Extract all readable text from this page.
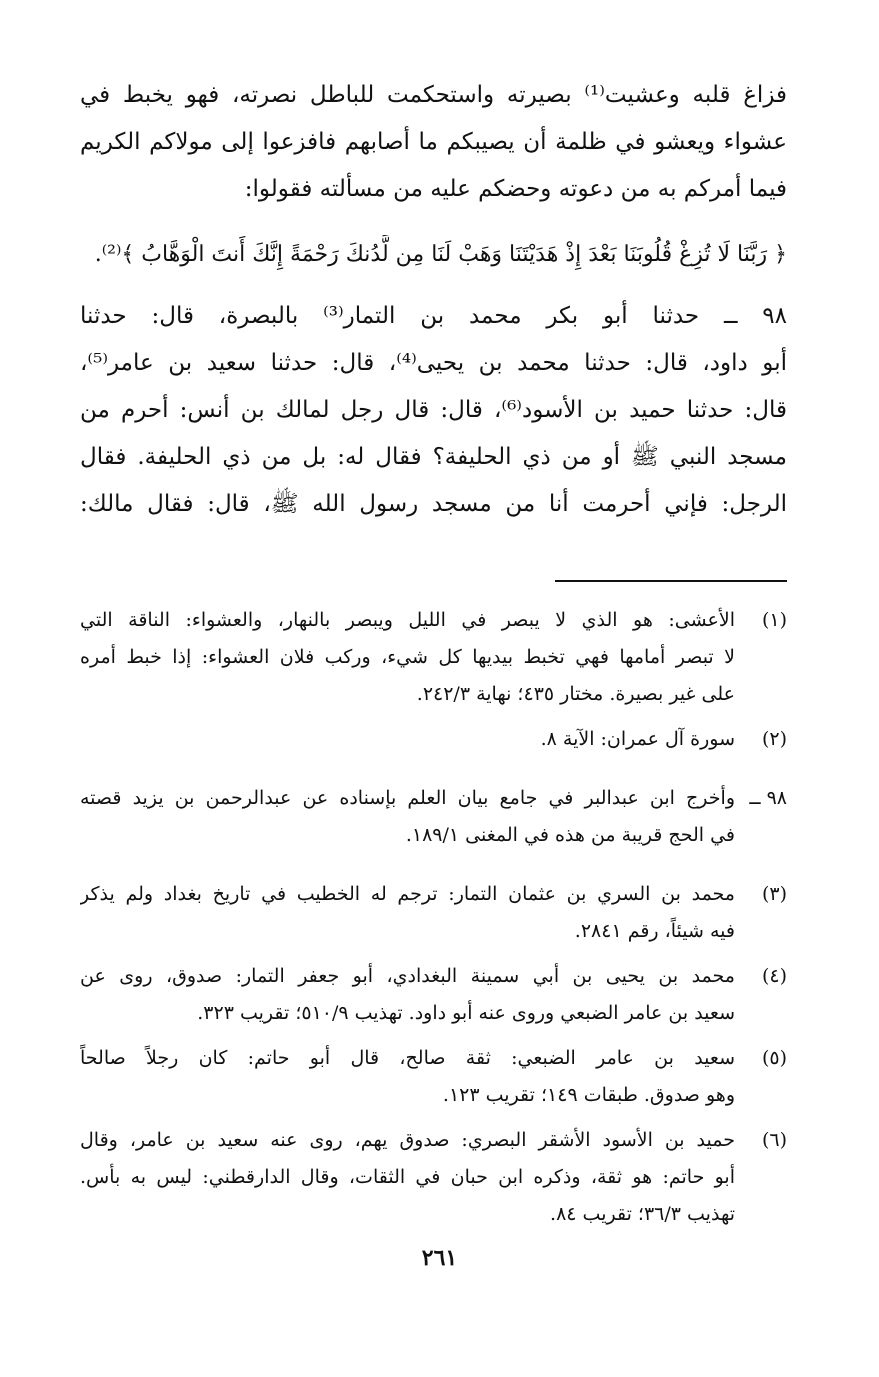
فزاغ قلبه وعشيت⁽¹⁾ بصيرته واستحكمت للباطل نصرته، فهو يخبط في
عشواء ويعشو في ظلمة أن يصيبكم ما أصابهم فافزعوا إلى مولاكم الكريم
فيما أمركم به من دعوته وحضكم عليه من مسألته فقولوا:
﴿ رَبَّنَا لَا تُزِغْ قُلُوبَنَا بَعْدَ إِذْ هَدَيْتَنَا وَهَبْ لَنَا مِن لَّدُنكَ رَحْمَةً إِنَّكَ أَنتَ الْوَهَّابُ ﴾⁽²⁾.
٩٨ ــ حدثنا أبو بكر محمد بن التمار⁽³⁾ بالبصرة، قال: حدثنا
أبو داود، قال: حدثنا محمد بن يحيى⁽⁴⁾، قال: حدثنا سعيد بن عامر⁽⁵⁾،
قال: حدثنا حميد بن الأسود⁽⁶⁾، قال: قال رجل لمالك بن أنس: أحرم من
مسجد النبي ﷺ أو من ذي الحليفة؟ فقال له: بل من ذي الحليفة. فقال
الرجل: فإني أحرمت أنا من مسجد رسول الله ﷺ، قال: فقال مالك:
(١)
الأعشى: هو الذي لا يبصر في الليل ويبصر بالنهار، والعشواء: الناقة التي
لا تبصر أمامها فهي تخبط بيديها كل شيء، وركب فلان العشواء: إذا خبط أمره
على غير بصيرة. مختار ٤٣٥؛ نهاية ٢٤٢/٣.
(٢)
سورة آل عمران: الآية ٨.
٩٨ ــ
وأخرج ابن عبدالبر في جامع بيان العلم بإسناده عن عبدالرحمن بن يزيد قصته
في الحج قريبة من هذه في المغنى ١٨٩/١.
(٣)
محمد بن السري بن عثمان التمار: ترجم له الخطيب في تاريخ بغداد ولم يذكر
فيه شيئاً، رقم ٢٨٤١.
(٤)
محمد بن يحيى بن أبي سمينة البغدادي، أبو جعفر التمار: صدوق، روى عن
سعيد بن عامر الضبعي وروى عنه أبو داود. تهذيب ٥١٠/٩؛ تقريب ٣٢٣.
(٥)
سعيد بن عامر الضبعي: ثقة صالح، قال أبو حاتم: كان رجلاً صالحاً
وهو صدوق. طبقات ١٤٩؛ تقريب ١٢٣.
(٦)
حميد بن الأسود الأشقر البصري: صدوق يهم، روى عنه سعيد بن عامر، وقال
أبو حاتم: هو ثقة، وذكره ابن حبان في الثقات، وقال الدارقطني: ليس به بأس.
تهذيب ٣٦/٣؛ تقريب ٨٤.
٢٦١
